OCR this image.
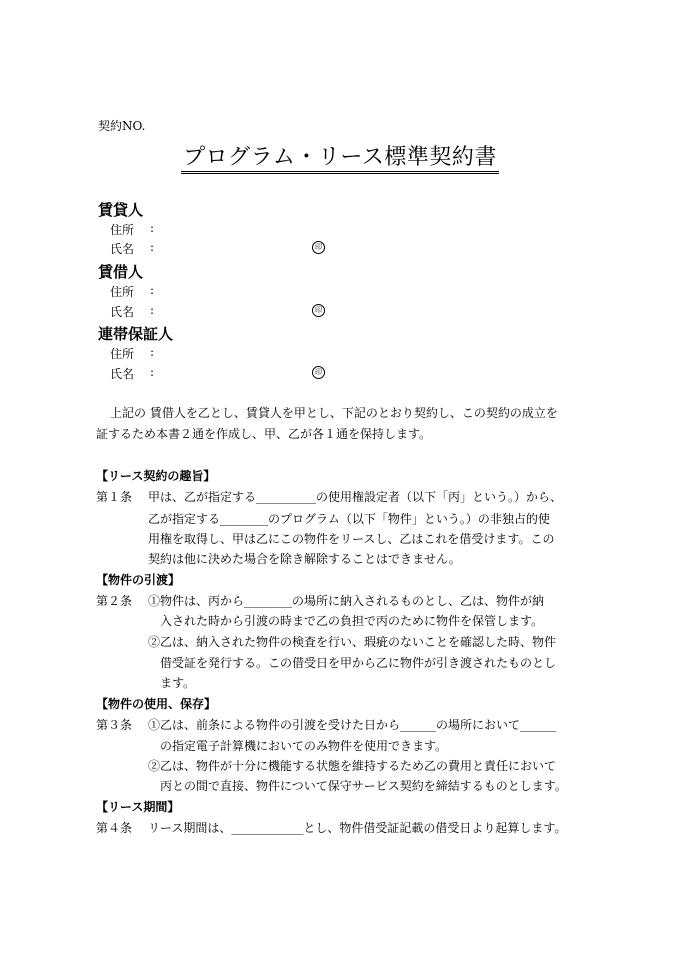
契約NO.
プログラム・リース標準契約書
賃貸人
住所 :
氏名 :	印
賃借人
住所 :
氏名 :	印
連帯保証人
住所 :
氏名 :	印
上記の 賃借人を乙とし、賃貸人を甲とし、下記のとおり契約し、この契約の成立を
証するため本書２通を作成し、甲、乙が各１通を保持します。
【リース契約の趣旨】
第１条 甲は、乙が指定する__________の使用権設定者（以下「丙」という。）から、
乙が指定する________のプログラム（以下「物件」という。）の非独占的使
用権を取得し、甲は乙にこの物件をリースし、乙はこれを借受けます。この
契約は他に決めた場合を除き解除することはできません。
【物件の引渡】
第２条 ①物件は、丙から________の場所に納入されるものとし、乙は、物件が納
入された時から引渡の時まで乙の負担で丙のために物件を保管します。
②乙は、納入された物件の検査を行い、瑕疵のないことを確認した時、物件
借受証を発行する。この借受日を甲から乙に物件が引き渡されたものとし
ます。
【物件の使用、保存】
第３条 ①乙は、前条による物件の引渡を受けた日から______の場所において______
の指定電子計算機においてのみ物件を使用できます。
②乙は、物件が十分に機能する状態を維持するため乙の費用と責任において
丙との間で直接、物件について保守サービス契約を締結するものとします。
【リース期間】
第４条 リース期間は、____________とし、物件借受証記載の借受日より起算します。
